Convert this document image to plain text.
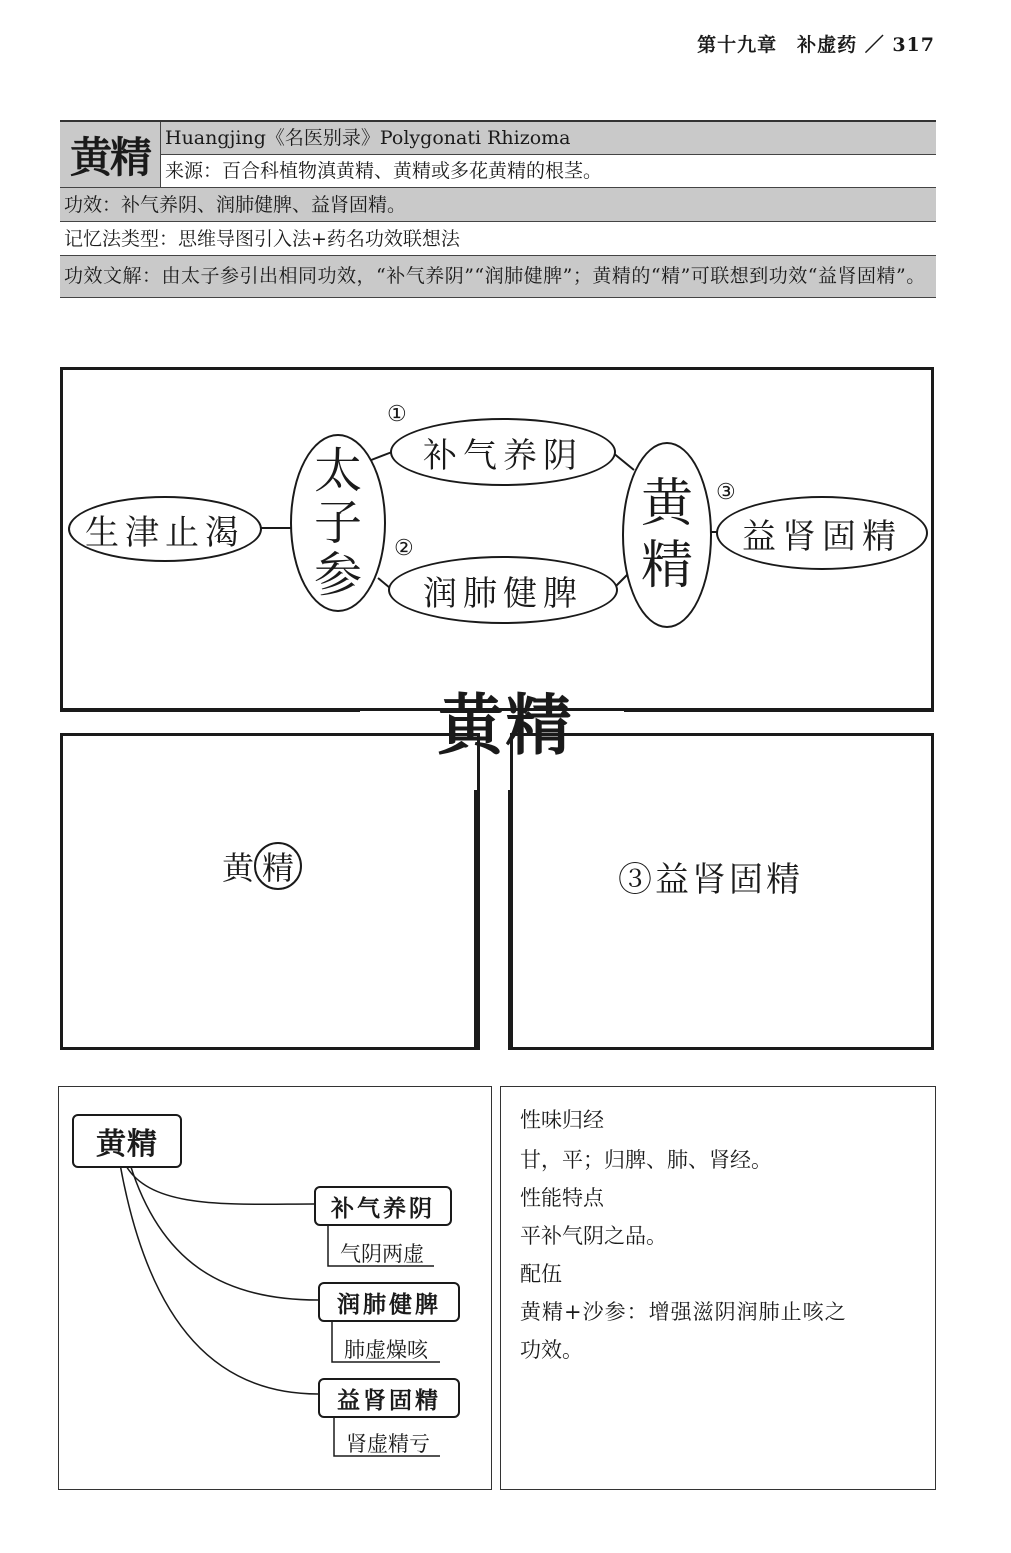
第十九章　补虚药 ／ 317
黄精 Huangjing《名医别录》Polygonati Rhizoma
来源：百合科植物滇黄精、黄精或多花黄精的根茎。
功效：补气养阴、润肺健脾、益肾固精。
记忆法类型：思维导图引入法+药名功效联想法
功效文解：由太子参引出相同功效，“补气养阴”“润肺健脾”；黄精的“精”可联想到功效“益肾固精”。
生津止渴
太
子
参
补气养阴
润肺健脾
黄
精	益肾固精
①
②
③
黄精
黄 精	③益肾固精
黄精
补气养阴
润肺健脾
益肾固精
气阴两虚
肺虚燥咳
肾虚精亏
性味归经
甘，平；归脾、肺、肾经。
性能特点
平补气阴之品。
配伍
黄精+沙参：增强滋阴润肺止咳之
功效。
